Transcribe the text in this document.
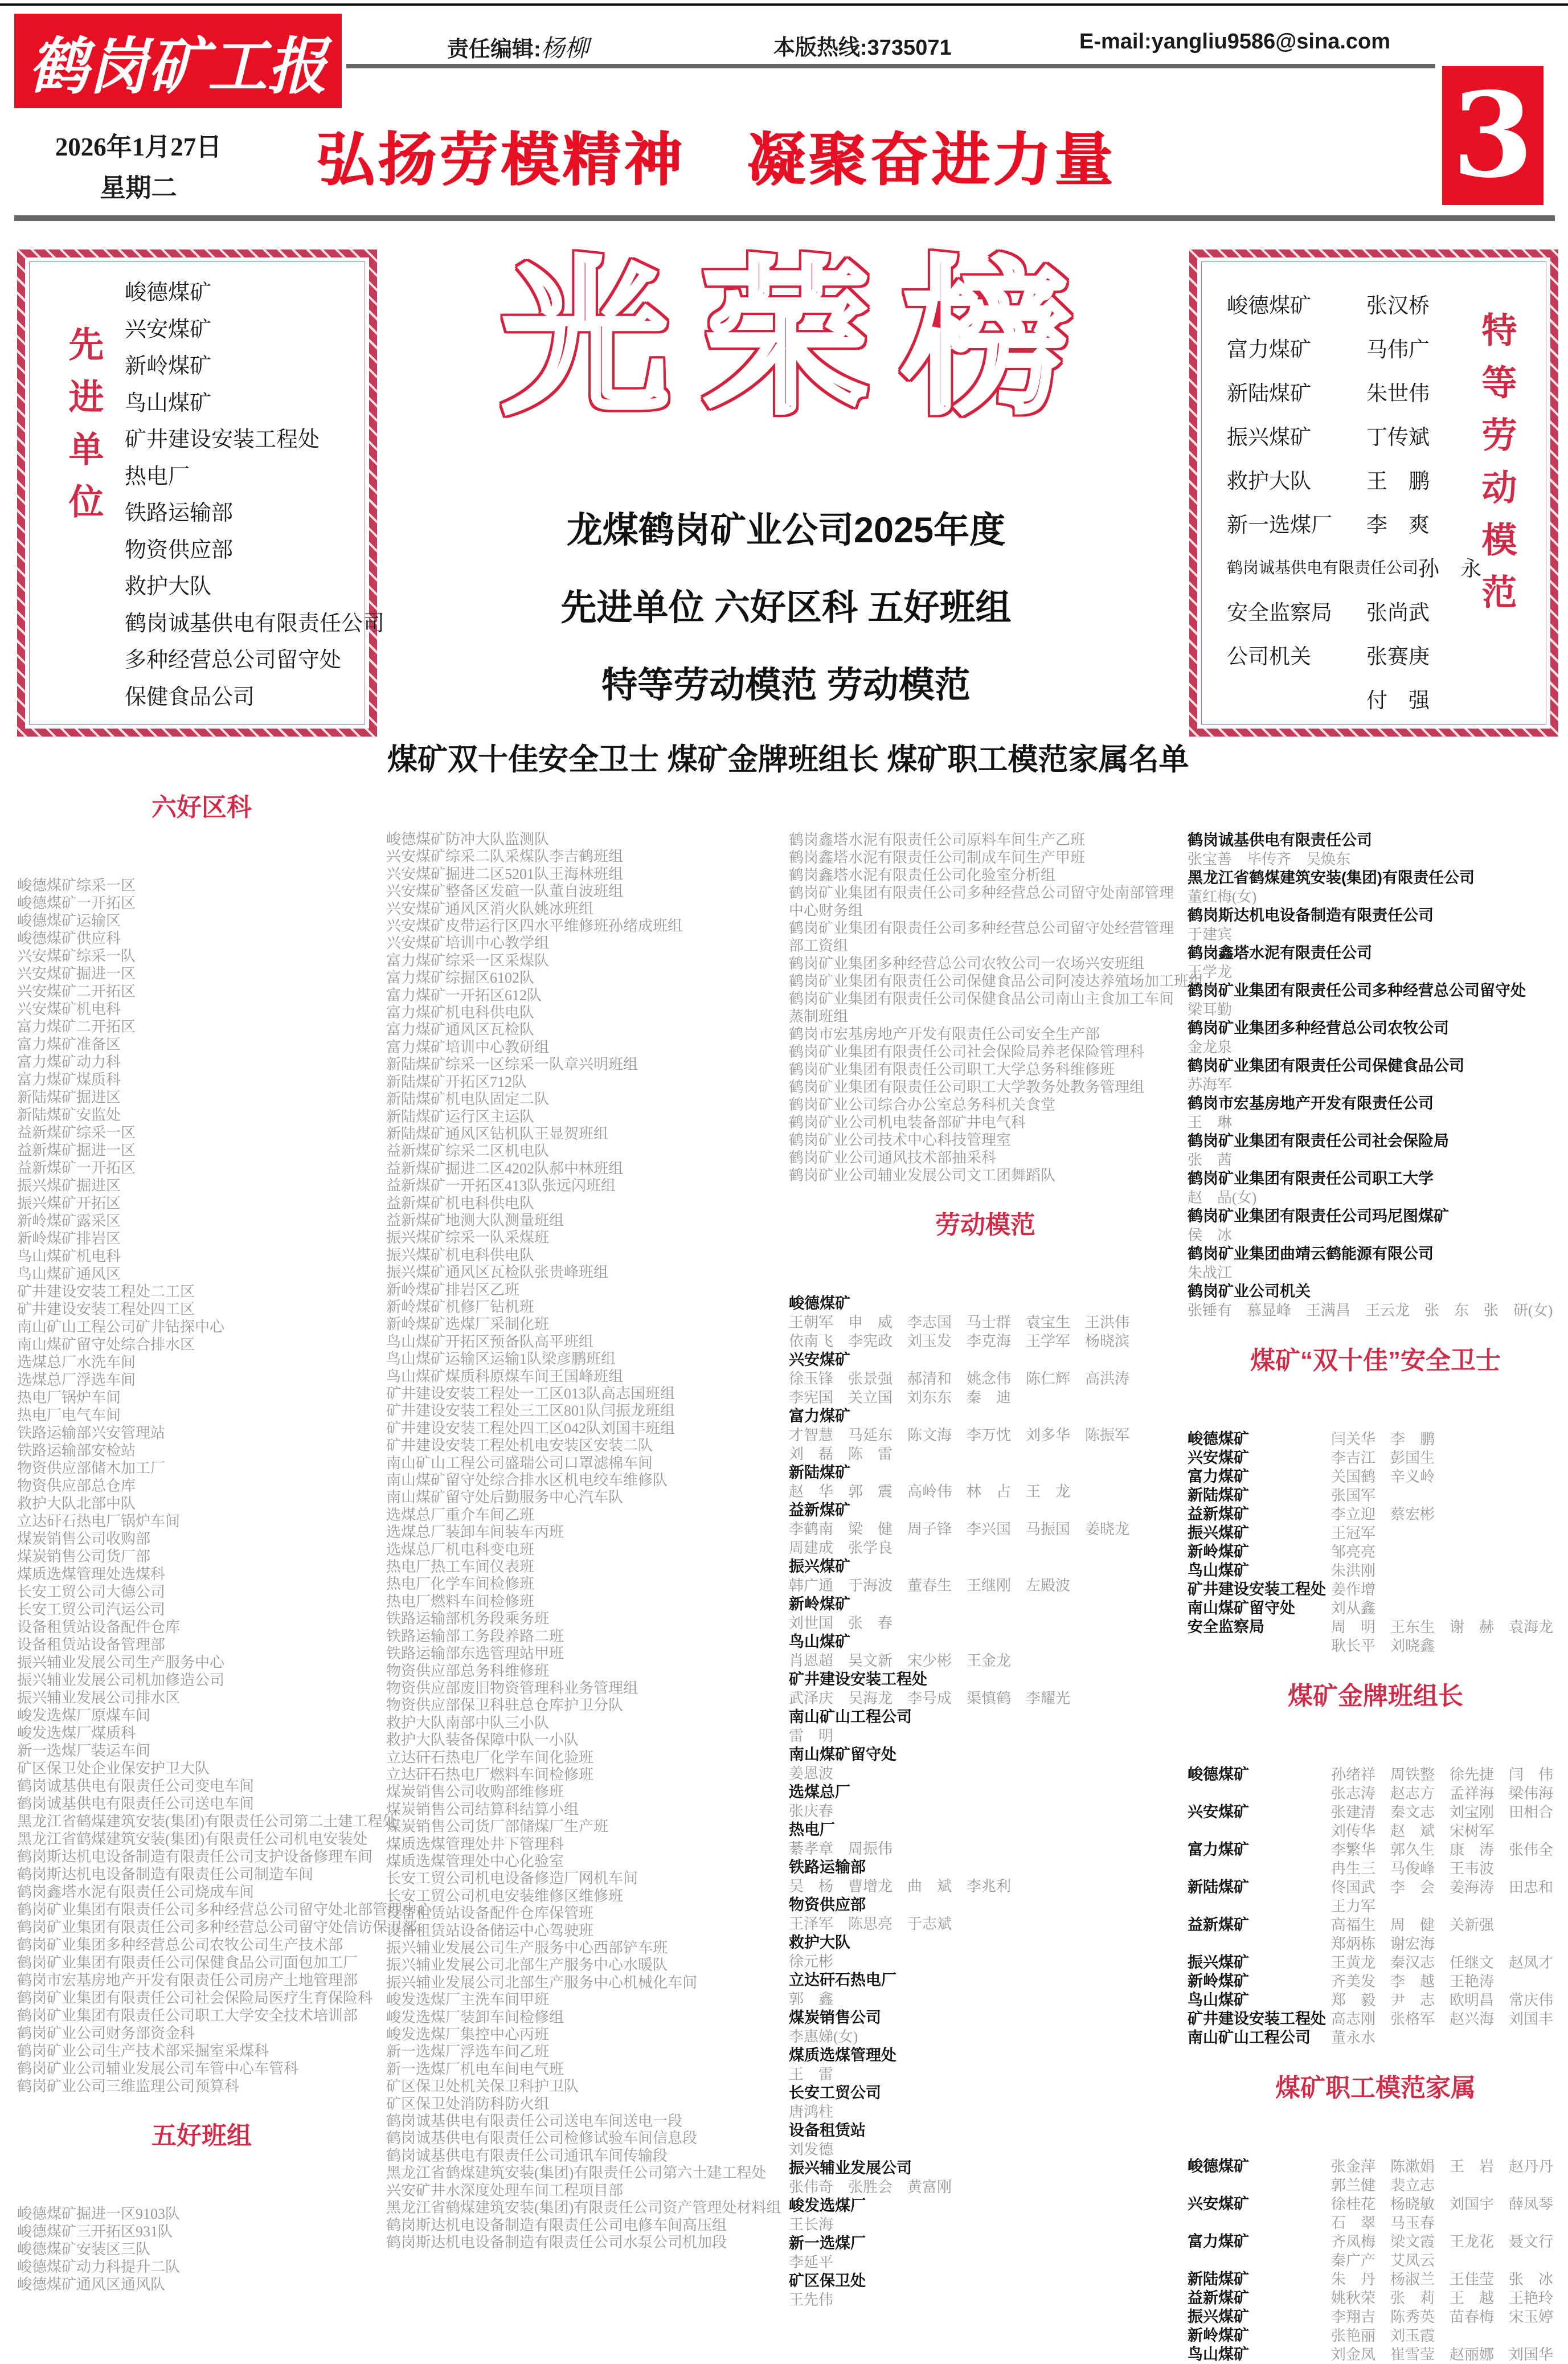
鹤岗矿工报	责任编辑:杨柳	本版热线:3735071	E-mail:yangliu9586@sina.com
3
2026年1月27日
星期二	弘扬劳模精神　凝聚奋进力量
先进单位
峻德煤矿
兴安煤矿
新岭煤矿
鸟山煤矿
矿井建设安装工程处
热电厂
铁路运输部
物资供应部
救护大队
鹤岗诚基供电有限责任公司
多种经营总公司留守处
保健食品公司
光荣榜
龙煤鹤岗矿业公司2025年度
先进单位 六好区科 五好班组
特等劳动模范 劳动模范
煤矿双十佳安全卫士 煤矿金牌班组长 煤矿职工模范家属名单
特等劳动模范
峻德煤矿	张汉桥
富力煤矿	马伟广
新陆煤矿	朱世伟
振兴煤矿	丁传斌
救护大队	王　鹏
新一选煤厂	李　爽
鹤岗诚基供电有限责任公司 孙　永
安全监察局	张尚武
公司机关	张赛庚
付　强
六好区科
峻德煤矿综采一区
峻德煤矿一开拓区
峻德煤矿运输区
峻德煤矿供应科
兴安煤矿综采一队
兴安煤矿掘进一区
兴安煤矿二开拓区
兴安煤矿机电科
富力煤矿二开拓区
富力煤矿准备区
富力煤矿动力科
富力煤矿煤质科
新陆煤矿掘进区
新陆煤矿安监处
益新煤矿综采一区
益新煤矿掘进一区
益新煤矿一开拓区
振兴煤矿掘进区
振兴煤矿开拓区
新岭煤矿露采区
新岭煤矿排岩区
鸟山煤矿机电科
鸟山煤矿通风区
矿井建设安装工程处二工区
矿井建设安装工程处四工区
南山矿山工程公司矿井钻探中心
南山煤矿留守处综合排水区
选煤总厂水洗车间
选煤总厂浮选车间
热电厂锅炉车间
热电厂电气车间
铁路运输部兴安管理站
铁路运输部安检站
物资供应部储木加工厂
物资供应部总仓库
救护大队北部中队
立达矸石热电厂锅炉车间
煤炭销售公司收购部
煤炭销售公司货厂部
煤质选煤管理处选煤科
长安工贸公司大德公司
长安工贸公司汽运公司
设备租赁站设备配件仓库
设备租赁站设备管理部
振兴辅业发展公司生产服务中心
振兴辅业发展公司机加修造公司
振兴辅业发展公司排水区
峻发选煤厂原煤车间
峻发选煤厂煤质科
新一选煤厂装运车间
矿区保卫处企业保安护卫大队
鹤岗诚基供电有限责任公司变电车间
鹤岗诚基供电有限责任公司送电车间
黑龙江省鹤煤建筑安装(集团)有限责任公司第二土建工程处
黑龙江省鹤煤建筑安装(集团)有限责任公司机电安装处
鹤岗斯达机电设备制造有限责任公司支护设备修理车间
鹤岗斯达机电设备制造有限责任公司制造车间
鹤岗鑫塔水泥有限责任公司烧成车间
鹤岗矿业集团有限责任公司多种经营总公司留守处北部管理中心
鹤岗矿业集团有限责任公司多种经营总公司留守处信访保卫部
鹤岗矿业集团多种经营总公司农牧公司生产技术部
鹤岗矿业集团有限责任公司保健食品公司面包加工厂
鹤岗市宏基房地产开发有限责任公司房产土地管理部
鹤岗矿业集团有限责任公司社会保险局医疗生育保险科
鹤岗矿业集团有限责任公司职工大学安全技术培训部
鹤岗矿业公司财务部资金科
鹤岗矿业公司生产技术部采掘室采煤科
鹤岗矿业公司辅业发展公司车管中心车管科
鹤岗矿业公司三维监理公司预算科
五好班组
峻德煤矿掘进一区9103队
峻德煤矿三开拓区931队
峻德煤矿安装区三队
峻德煤矿动力科提升二队
峻德煤矿通风区通风队
峻德煤矿防冲大队监测队
兴安煤矿综采二队采煤队李吉鹤班组
兴安煤矿掘进二区5201队王海林班组
兴安煤矿整备区发碹一队董自波班组
兴安煤矿通风区消火队姚冰班组
兴安煤矿皮带运行区四水平维修班孙绪成班组
兴安煤矿培训中心教学组
富力煤矿综采一区采煤队
富力煤矿综掘区6102队
富力煤矿一开拓区612队
富力煤矿机电科供电队
富力煤矿通风区瓦检队
富力煤矿培训中心教研组
新陆煤矿综采一区综采一队章兴明班组
新陆煤矿开拓区712队
新陆煤矿机电队固定二队
新陆煤矿运行区主运队
新陆煤矿通风区钻机队王显贺班组
益新煤矿综采二区机电队
益新煤矿掘进二区4202队郝中林班组
益新煤矿一开拓区413队张远闪班组
益新煤矿机电科供电队
益新煤矿地测大队测量班组
振兴煤矿综采一队采煤班
振兴煤矿机电科供电队
振兴煤矿通风区瓦检队张贵峰班组
新岭煤矿排岩区乙班
新岭煤矿机修厂钻机班
新岭煤矿选煤厂采制化班
鸟山煤矿开拓区预备队高平班组
鸟山煤矿运输区运输1队梁彦鹏班组
鸟山煤矿煤质科原煤车间王国峰班组
矿井建设安装工程处一工区013队高志国班组
矿井建设安装工程处三工区801队闫振龙班组
矿井建设安装工程处四工区042队刘国丰班组
矿井建设安装工程处机电安装区安装二队
南山矿山工程公司盛瑞公司口罩滤棉车间
南山煤矿留守处综合排水区机电绞车维修队
南山煤矿留守处后勤服务中心汽车队
选煤总厂重介车间乙班
选煤总厂装卸车间装车丙班
选煤总厂机电科变电班
热电厂热工车间仪表班
热电厂化学车间检修班
热电厂燃料车间检修班
铁路运输部机务段乘务班
铁路运输部工务段养路二班
铁路运输部东选管理站甲班
物资供应部总务科维修班
物资供应部废旧物资管理科业务管理组
物资供应部保卫科驻总仓库护卫分队
救护大队南部中队三小队
救护大队装备保障中队一小队
立达矸石热电厂化学车间化验班
立达矸石热电厂燃料车间检修班
煤炭销售公司收购部维修班
煤炭销售公司结算科结算小组
煤炭销售公司货厂部储煤厂生产班
煤质选煤管理处井下管理科
煤质选煤管理处中心化验室
长安工贸公司机电设备修造厂网机车间
长安工贸公司机电安装维修区维修班
设备租赁站设备配件仓库保管班
设备租赁站设备储运中心驾驶班
振兴辅业发展公司生产服务中心西部铲车班
振兴辅业发展公司北部生产服务中心水暖队
振兴辅业发展公司北部生产服务中心机械化车间
峻发选煤厂主洗车间甲班
峻发选煤厂装卸车间检修组
峻发选煤厂集控中心丙班
新一选煤厂浮选车间乙班
新一选煤厂机电车间电气班
矿区保卫处机关保卫科护卫队
矿区保卫处消防科防火组
鹤岗诚基供电有限责任公司送电车间送电一段
鹤岗诚基供电有限责任公司检修试验车间信息段
鹤岗诚基供电有限责任公司通讯车间传输段
黑龙江省鹤煤建筑安装(集团)有限责任公司第六土建工程处
兴安矿井水深度处理车间工程项目部
黑龙江省鹤煤建筑安装(集团)有限责任公司资产管理处材料组
鹤岗斯达机电设备制造有限责任公司电修车间高压组
鹤岗斯达机电设备制造有限责任公司水泵公司机加段
鹤岗鑫塔水泥有限责任公司原料车间生产乙班
鹤岗鑫塔水泥有限责任公司制成车间生产甲班
鹤岗鑫塔水泥有限责任公司化验室分析组
鹤岗矿业集团有限责任公司多种经营总公司留守处南部管理
中心财务组
鹤岗矿业集团有限责任公司多种经营总公司留守处经营管理
部工资组
鹤岗矿业集团多种经营总公司农牧公司一农场兴安班组
鹤岗矿业集团有限责任公司保健食品公司阿凌达养殖场加工班组
鹤岗矿业集团有限责任公司保健食品公司南山主食加工车间
蒸制班组
鹤岗市宏基房地产开发有限责任公司安全生产部
鹤岗矿业集团有限责任公司社会保险局养老保险管理科
鹤岗矿业集团有限责任公司职工大学总务科维修班
鹤岗矿业集团有限责任公司职工大学教务处教务管理组
鹤岗矿业公司综合办公室总务科机关食堂
鹤岗矿业公司机电装备部矿井电气科
鹤岗矿业公司技术中心科技管理室
鹤岗矿业公司通风技术部抽采科
鹤岗矿业公司辅业发展公司文工团舞蹈队
劳动模范
峻德煤矿
王朝军　申　威　李志国　马士群　袁宝生　王洪伟
依南飞　李宪政　刘玉发　李克海　王学军　杨晓滨
兴安煤矿
徐玉锋　张景强　郝清和　姚念伟　陈仁辉　高洪涛
李宪国　关立国　刘东东　秦　迪
富力煤矿
才智慧　马延东　陈文海　李万忱　刘多华　陈振军
刘　磊　陈　雷
新陆煤矿
赵　华　郭　震　高岭伟　林　占　王　龙
益新煤矿
李鹤南　梁　健　周子锋　李兴国　马振国　姜晓龙
周建成　张学良
振兴煤矿
韩广通　于海波　董春生　王继刚　左殿波
新岭煤矿
刘世国　张　春
鸟山煤矿
肖恩超　吴文新　宋少彬　王金龙
矿井建设安装工程处
武泽庆　吴海龙　李号成　渠慎鹤　李耀光
南山矿山工程公司
雷　明
南山煤矿留守处
姜恩波
选煤总厂
张庆春
热电厂
綦孝章　周振伟
铁路运输部
吴　杨　曹增龙　曲　斌　李兆利
物资供应部
王泽军　陈思亮　于志斌
救护大队
徐元彬
立达矸石热电厂
郭　鑫
煤炭销售公司
李惠娣(女)
煤质选煤管理处
王　雷
长安工贸公司
唐鸿柱
设备租赁站
刘发德
振兴辅业发展公司
张伟奇　张胜会　黄富刚
峻发选煤厂
王长海
新一选煤厂
李延平
矿区保卫处
王先伟
鹤岗诚基供电有限责任公司
张宝善　毕传齐　吴焕东
黑龙江省鹤煤建筑安装(集团)有限责任公司
董红梅(女)
鹤岗斯达机电设备制造有限责任公司
于建宾
鹤岗鑫塔水泥有限责任公司
王学龙
鹤岗矿业集团有限责任公司多种经营总公司留守处
梁耳勤
鹤岗矿业集团多种经营总公司农牧公司
金龙泉
鹤岗矿业集团有限责任公司保健食品公司
苏海军
鹤岗市宏基房地产开发有限责任公司
王　琳
鹤岗矿业集团有限责任公司社会保险局
张　茜
鹤岗矿业集团有限责任公司职工大学
赵　晶(女)
鹤岗矿业集团有限责任公司玛尼图煤矿
侯　冰
鹤岗矿业集团曲靖云鹤能源有限公司
朱战江
鹤岗矿业公司机关
张锤有　慕显峰　王满昌　王云龙　张　东　张　研(女)
煤矿“双十佳”安全卫士
峻德煤矿	闫关华　李　鹏
兴安煤矿	李吉江　彭国生
富力煤矿	关国鹤　辛义岭
新陆煤矿	张国军
益新煤矿	李立迎　蔡宏彬
振兴煤矿	王冠军
新岭煤矿	邹亮亮
鸟山煤矿	朱洪刚
矿井建设安装工程处 姜作增
南山煤矿留守处 刘从鑫
安全监察局	周　明　王东生　谢　赫　袁海龙
耿长平　刘晓鑫
煤矿金牌班组长
峻德煤矿	孙绪祥　周铁整　徐先捷　闫　伟
张志涛　赵志方　孟祥海　梁伟海
兴安煤矿	张建清　秦文志　刘宝刚　田相合
刘传华　赵　斌　宋树军
富力煤矿	李繁华　郭久生　康　涛　张伟全
冉生三　马俊峰　王韦波
新陆煤矿	佟国武　李　会　姜海涛　田忠和
王力军
益新煤矿	高福生　周　健　关新强
郑炳栋　谢宏海
振兴煤矿	王黄龙　秦汉志　任继文　赵凤才
新岭煤矿	齐美发　李　越　王艳涛
鸟山煤矿	郑　毅　尹　志　欧明昌　常庆伟
矿井建设安装工程处 高志刚　张格军　赵兴海　刘国丰
南山矿山工程公司 董永水
煤矿职工模范家属
峻德煤矿	张金萍　陈漱娟　王　岩　赵丹丹
郭兰健　裴立志
兴安煤矿	徐桂花　杨晓敏　刘国宇　薛凤琴
石　翠　马玉春
富力煤矿	齐凤梅　梁文霞　王龙花　聂文行
秦广产　艾凤云
新陆煤矿	朱　丹　杨淑兰　王佳莹　张　冰
益新煤矿	姚秋荣　张　莉　王　越　王艳玲
振兴煤矿	李翔吉　陈秀英　苗春梅　宋玉婷
新岭煤矿	张艳丽　刘玉霞
鸟山煤矿	刘金凤　崔雪莹　赵丽娜　刘国华
